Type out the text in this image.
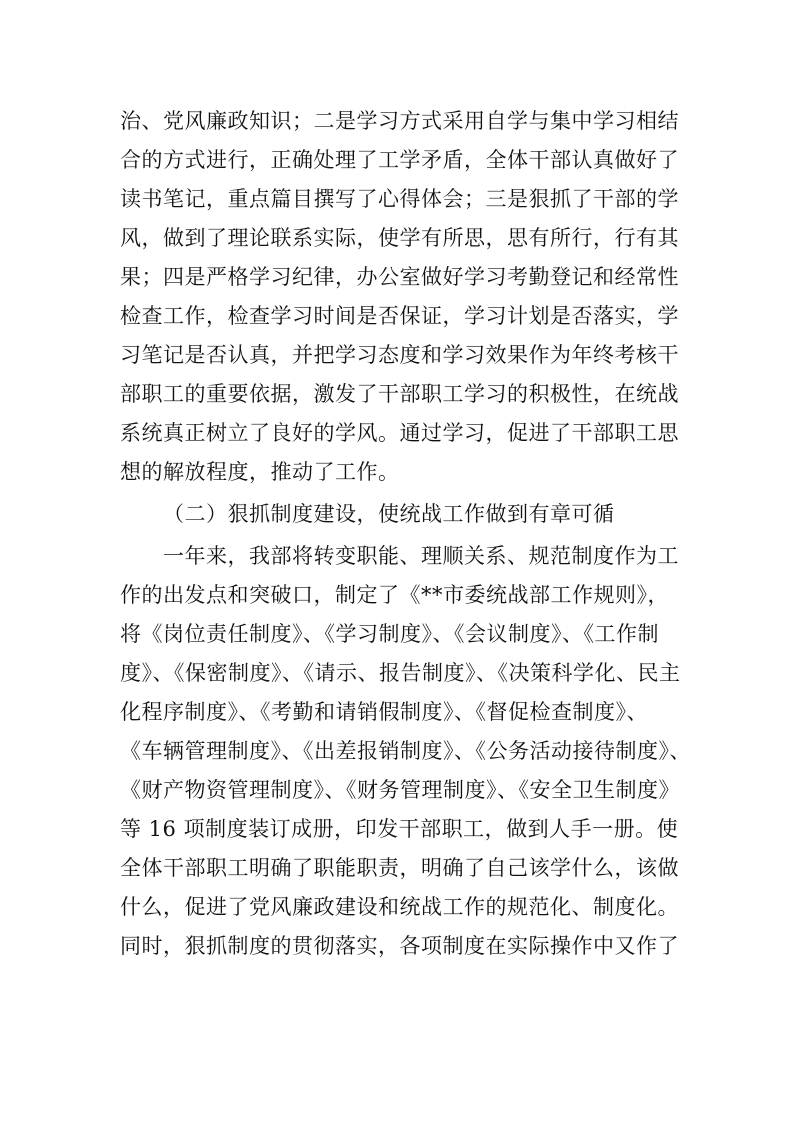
治、党风廉政知识；二是学习方式采用自学与集中学习相结
合的方式进行，正确处理了工学矛盾，全体干部认真做好了
读书笔记，重点篇目撰写了心得体会；三是狠抓了干部的学
风，做到了理论联系实际，使学有所思，思有所行，行有其
果；四是严格学习纪律，办公室做好学习考勤登记和经常性
检查工作，检查学习时间是否保证，学习计划是否落实，学
习笔记是否认真，并把学习态度和学习效果作为年终考核干
部职工的重要依据，激发了干部职工学习的积极性，在统战
系统真正树立了良好的学风。通过学习，促进了干部职工思
想的解放程度，推动了工作。
（二）狠抓制度建设，使统战工作做到有章可循
一年来，我部将转变职能、理顺关系、规范制度作为工
作的出发点和突破口，制定了《**市委统战部工作规则》，
将《岗位责任制度》、《学习制度》、《会议制度》、《工作制
度》、《保密制度》、《请示、报告制度》、《决策科学化、民主
化程序制度》、《考勤和请销假制度》、《督促检查制度》、
《车辆管理制度》、《出差报销制度》、《公务活动接待制度》、
《财产物资管理制度》、《财务管理制度》、《安全卫生制度》
等 16 项制度装订成册，印发干部职工，做到人手一册。使
全体干部职工明确了职能职责，明确了自己该学什么，该做
什么，促进了党风廉政建设和统战工作的规范化、制度化。
同时，狠抓制度的贯彻落实，各项制度在实际操作中又作了
